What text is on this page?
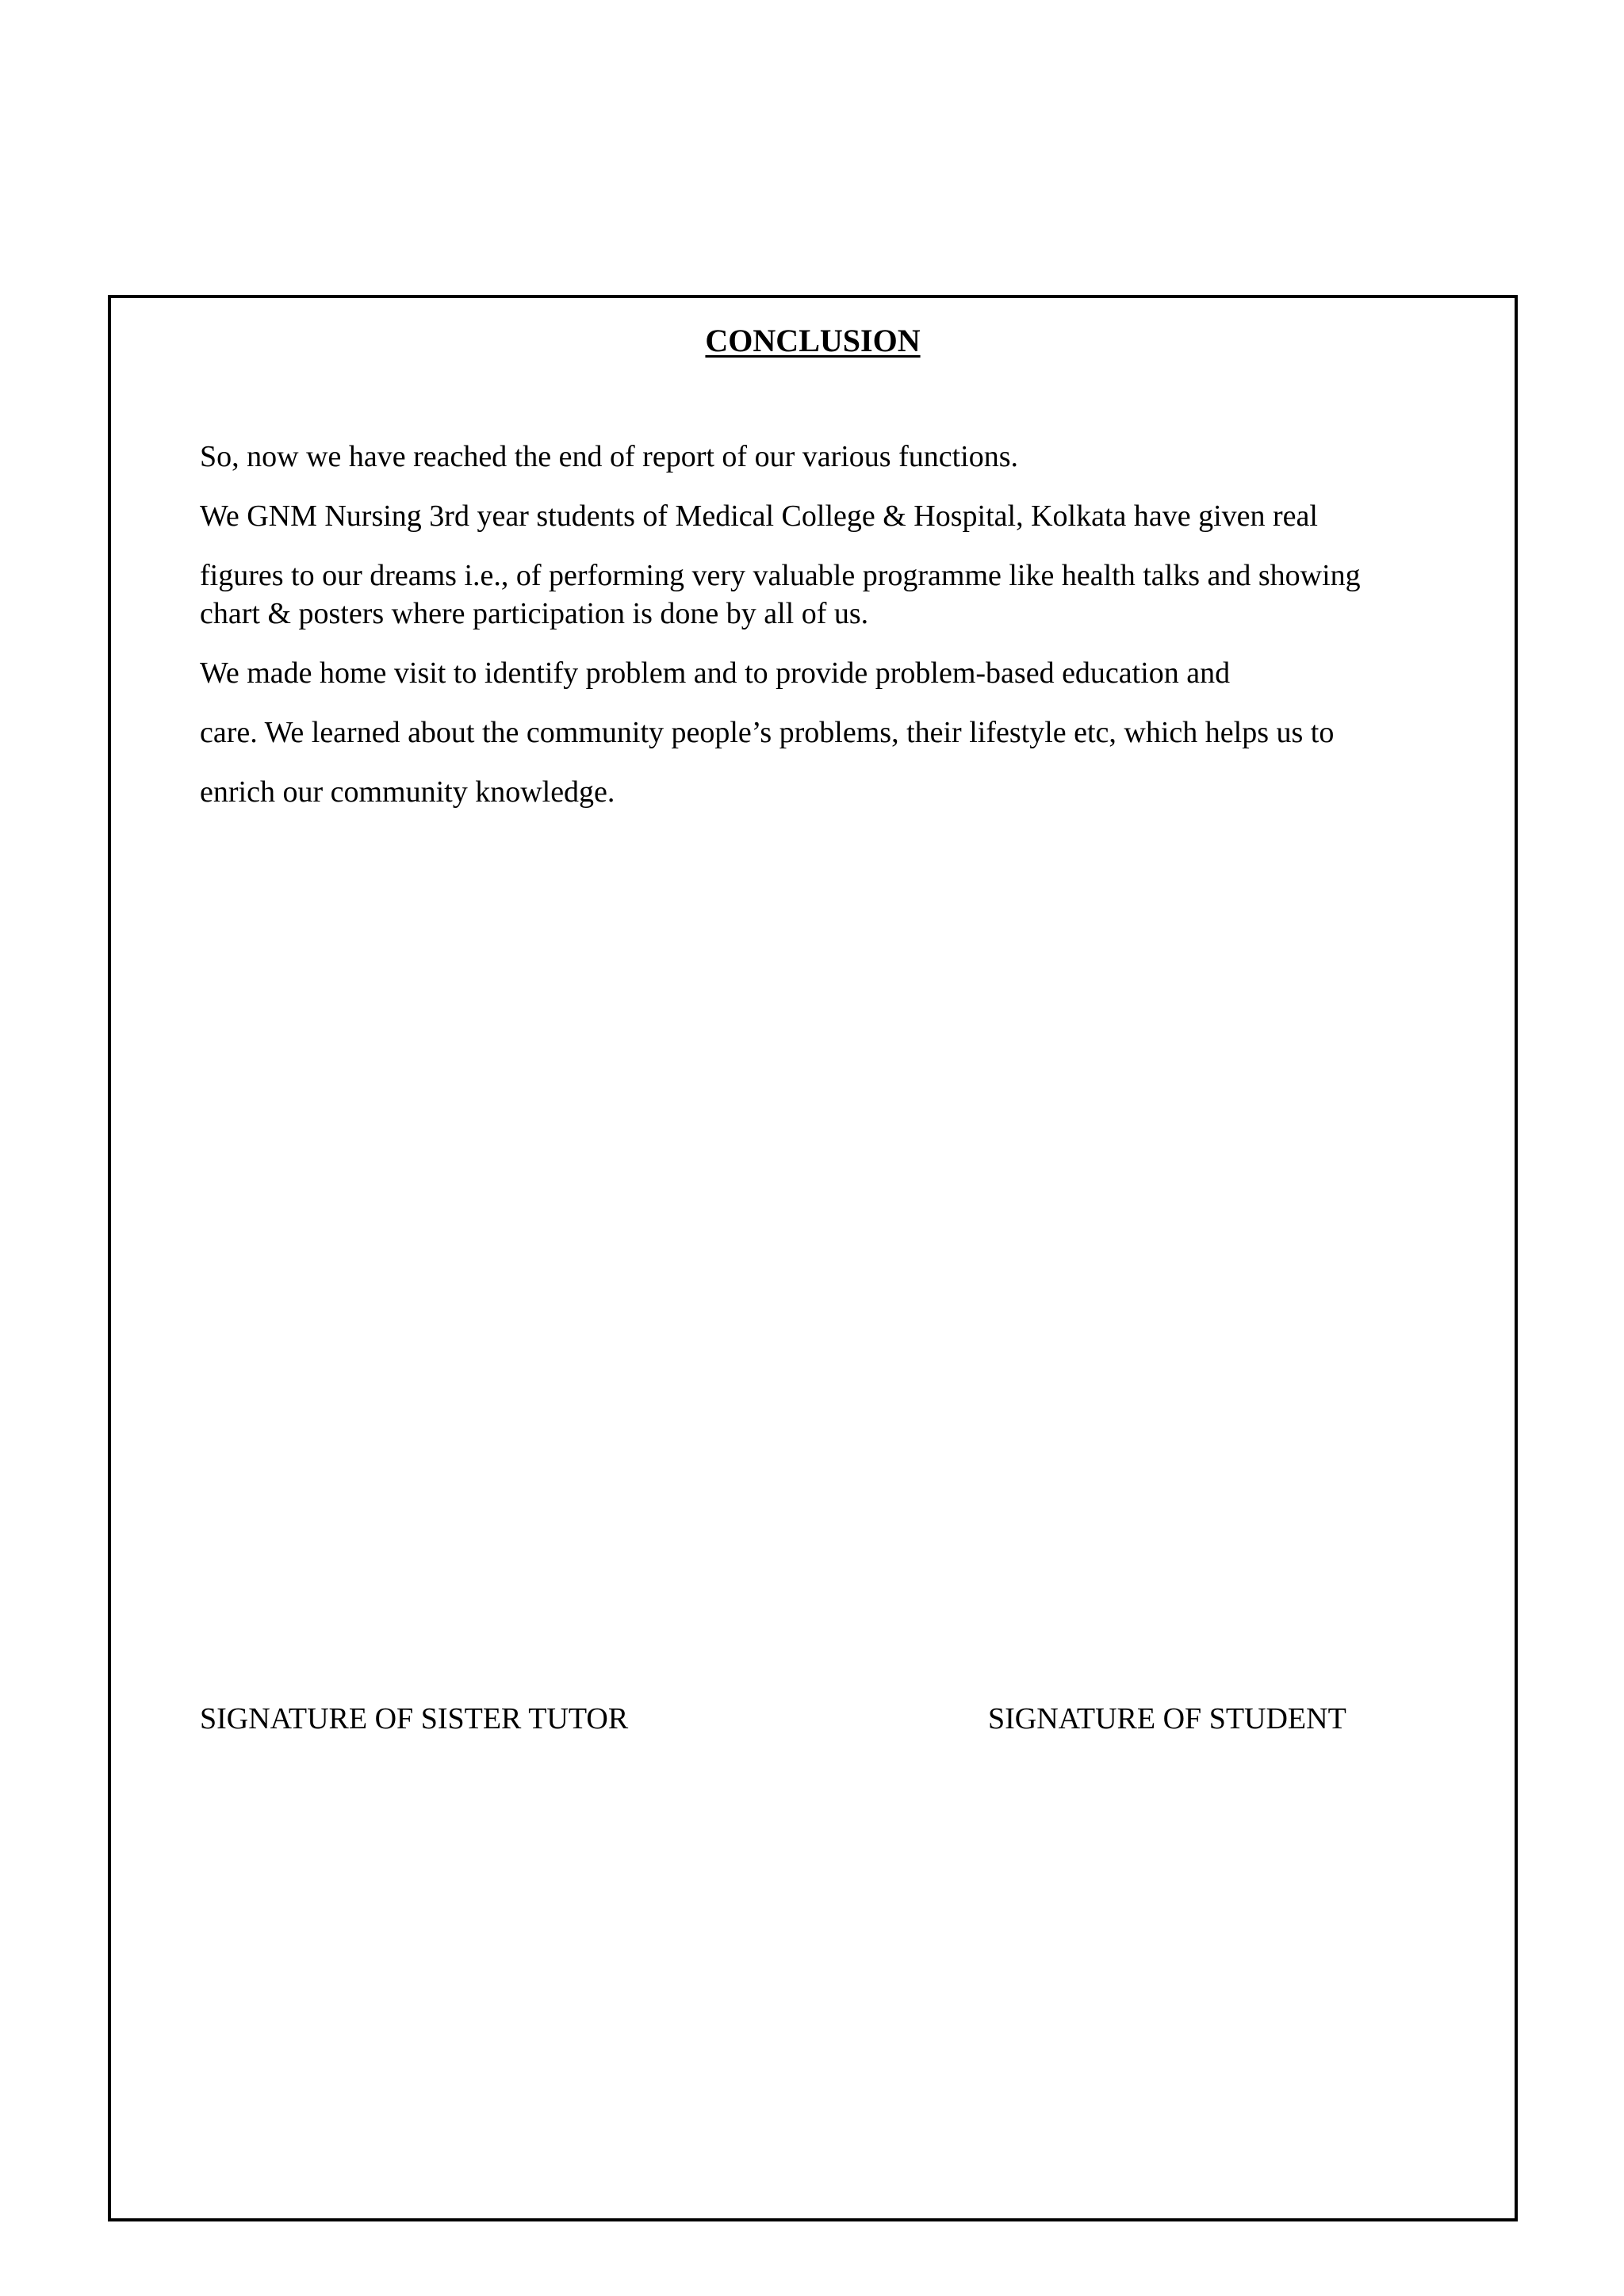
CONCLUSION

So, now we have reached the end of report of our various functions.

We GNM Nursing 3rd year students of Medical College & Hospital, Kolkata have given real

figures to our dreams i.e., of performing very valuable programme like health talks and showing chart & posters where participation is done by all of us.

We made home visit to identify problem and to provide problem-based education and

care. We learned about the community people’s problems, their lifestyle etc, which helps us to

enrich our community knowledge.

SIGNATURE OF SISTER TUTOR	SIGNATURE OF STUDENT
